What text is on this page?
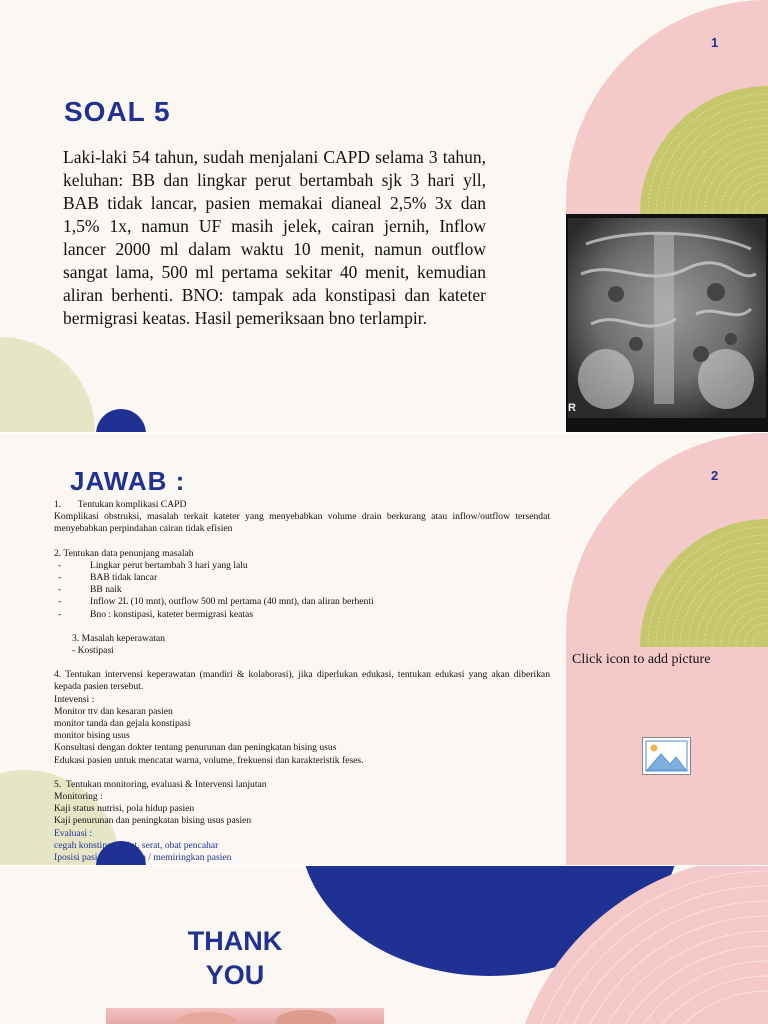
1
SOAL 5
Laki-laki 54 tahun, sudah menjalani CAPD selama 3 tahun, keluhan: BB dan lingkar perut bertambah sjk 3 hari yll, BAB tidak lancar, pasien memakai dianeal 2,5% 3x dan 1,5% 1x, namun UF masih jelek, cairan jernih, Inflow lancer 2000 ml dalam waktu 10 menit, namun outflow sangat lama, 500 ml pertama sekitar 40 menit, kemudian aliran berhenti. BNO: tampak ada konstipasi dan kateter bermigrasi keatas. Hasil pemeriksaan bno terlampir.
R
2
JAWAB :

1.       Tentukan komplikasi CAPD

Komplikasi obstruksi, masalah terkait kateter yang menyebabkan volume drain berkurang atau inflow/outflow tersendat menyebabkan perpindahan cairan tidak efisien

2. Tentukan data penunjang masalah

- Lingkar perut bertambah 3 hari yang lalu
- BAB tidak lancar
- BB naik
- Inflow 2L (10 mnt), outflow 500 ml pertama (40 mnt), dan aliran berhenti
- Bno : konstipasi, kateter bermigrasi keatas

3. Masalah keperawatan

- Kostipasi

4. Tentukan intervensi keperawatan (mandiri & kolaborasi), jika diperlukan edukasi, tentukan edukasi yang akan diberikan kepada pasien tersebut.

Intevensi :

Monitor ttv dan kesaran pasien

monitor tanda dan gejala konstipasi

monitor bising usus

Konsultasi dengan dokter tentang penurunan dan peningkatan bising usus

Edukasi pasien untuk mencatat warna, volume, frekuensi dan karakteristik feses.

5.  Tentukan monitoring, evaluasi & Intervensi lanjutan

Monitoring :

Kaji status nutrisi, pola hidup pasien

Kaji penurunan dan peningkatan bising usus pasien

Evaluasi :

cegah konstipasi: diet, serat, obat pencahar

Iposisi pasien saat drain / memiringkan pasien

Click icon to add picture
THANK
YOU
